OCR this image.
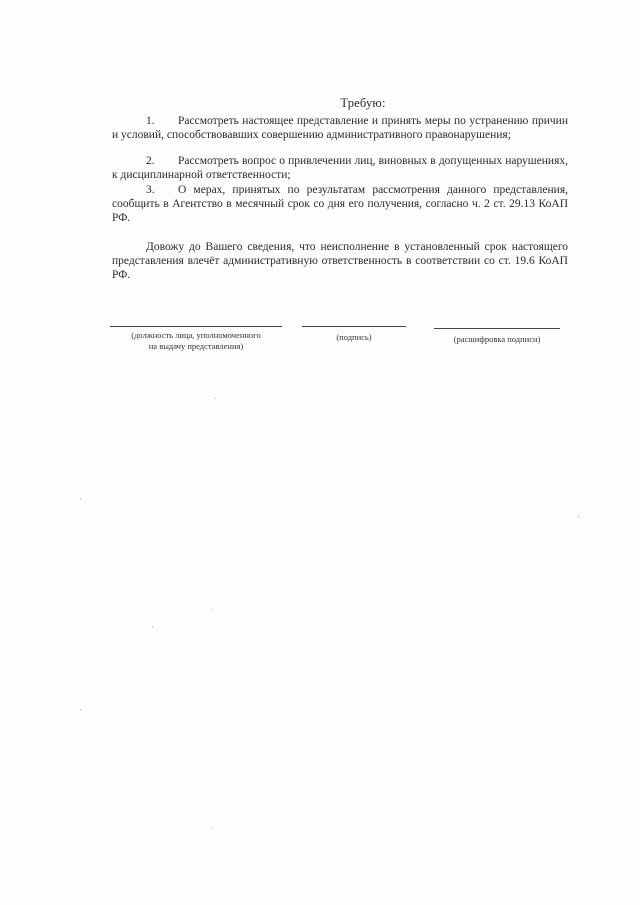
Требую:
1. Рассмотреть настоящее представление и принять меры по устранению причин и условий, способствовавших совершению административного правонарушения;
2. Рассмотреть вопрос о привлечении лиц, виновных в допущенных нарушениях, к дисциплинарной ответственности;
3. О мерах, принятых по результатам рассмотрения данного представления, сообщить в Агентство в месячный срок со дня его получения, согласно ч. 2 ст. 29.13 КоАП РФ.
Довожу до Вашего сведения, что неисполнение в установленный срок настоящего представления влечёт административную ответственность в соответствии со ст. 19.6 КоАП РФ.
(должность лица, уполномоченного
на выдачу представления)
(подпись)	(расшифровка подписи)
·
'
·
'
'
'
·
